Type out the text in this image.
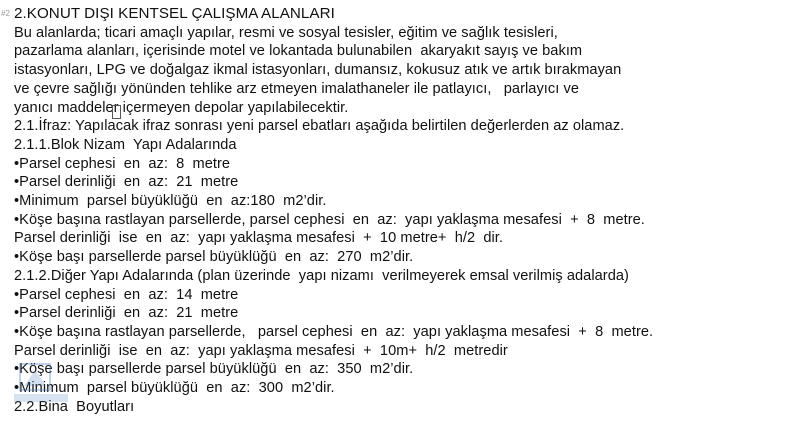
#2 2.KONUT DIŞI KENTSEL ÇALIŞMA ALANLARI
Bu alanlarda; ticari amaçlı yapılar, resmi ve sosyal tesisler, eğitim ve sağlık tesisleri,
pazarlama alanları, içerisinde motel ve lokantada bulunabilen  akaryakıt sayış ve bakım
istasyonları, LPG ve doğalgaz ikmal istasyonları, dumansız, kokusuz atık ve artık bırakmayan
ve çevre sağlığı yönünden tehlike arz etmeyen imalathaneler ile patlayıcı,   parlayıcı ve
yanıcı maddeler içermeyen depolar yapılabilecektir.
2.1.İfraz: Yapılacak ifraz sonrası yeni parsel ebatları aşağıda belirtilen değerlerden az olamaz.
2.1.1.Blok Nizam  Yapı Adalarında
•Parsel cephesi  en  az:  8  metre
•Parsel derinliği  en  az:  21  metre
•Minimum  parsel büyüklüğü  en  az:180  m2’dir.
•Köşe başına rastlayan parsellerde, parsel cephesi  en  az:  yapı yaklaşma mesafesi  +  8  metre.
Parsel derinliği  ise  en  az:  yapı yaklaşma mesafesi  +  10 metre+  h/2  dir.
•Köşe başı parsellerde parsel büyüklüğü  en  az:  270  m2’dir.
2.1.2.Diğer Yapı Adalarında (plan üzerinde  yapı nizamı  verilmeyerek emsal verilmiş adalarda)
•Parsel cephesi  en  az:  14  metre
•Parsel derinliği  en  az:  21  metre
•Köşe başına rastlayan parsellerde,   parsel cephesi  en  az:  yapı yaklaşma mesafesi  +  8  metre.
Parsel derinliği  ise  en  az:  yapı yaklaşma mesafesi  +  10m+  h/2  metredir
•Köşe başı parsellerde parsel büyüklüğü  en  az:  350  m2’dir.
•Minimum  parsel büyüklüğü  en  az:  300  m2’dir.
2.2.Bina  Boyutları
